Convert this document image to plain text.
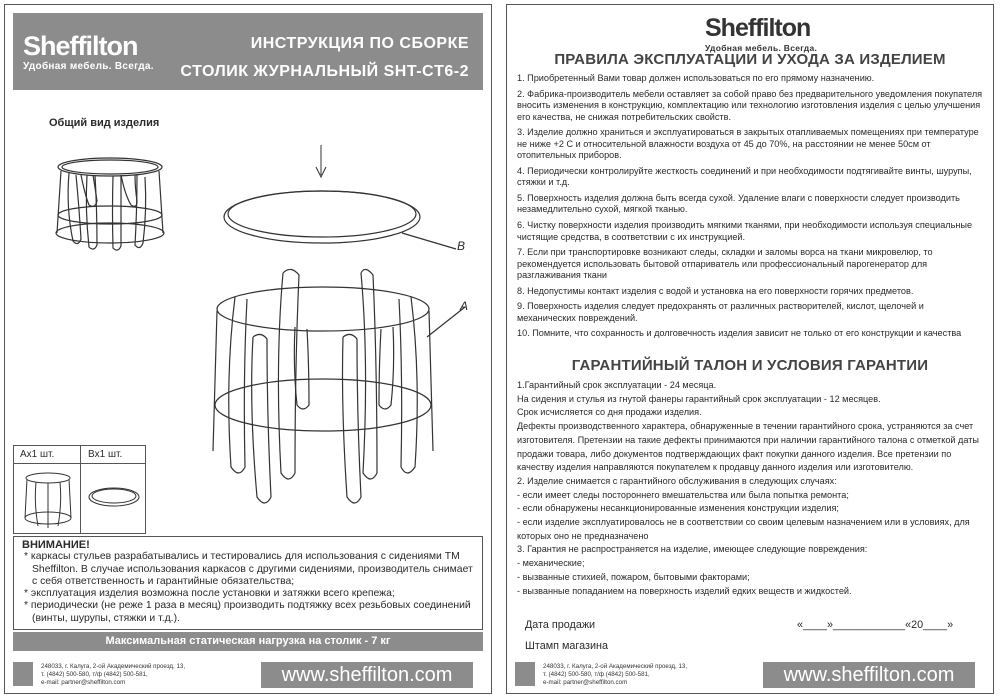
Sheffilton
Удобная мебель. Всегда.
ИНСТРУКЦИЯ ПО СБОРКЕ
СТОЛИК ЖУРНАЛЬНЫЙ SHT-CT6-2
Общий вид изделия
B
A
Ax1 шт.	Bx1 шт.
ВНИМАНИЕ!
* каркасы стульев разрабатывались и тестировались для использования с сидениями ТМ Sheffilton. В случае использования каркасов с другими сидениями, производитель снимает с себя ответственность и гарантийные обязательства;
* эксплуатация изделия возможна после установки и затяжки всего крепежа;
* периодически (не реже 1 раза в месяц) производить подтяжку всех резьбовых соединений (винты, шурупы, стяжки и т.д.).
Максимальная статическая нагрузка на столик - 7 кг
248033, г. Калуга, 2-ой Академический проезд, 13,
т. (4842) 500-580, т/ф (4842) 500-581,
e-mail: partner@sheffilton.com	www.sheffilton.com
Sheffilton
Удобная мебель. Всегда.
ПРАВИЛА ЭКСПЛУАТАЦИИ И УХОДА ЗА ИЗДЕЛИЕМ
1. Приобретенный Вами товар должен использоваться по его прямому назначению.
2. Фабрика-производитель мебели оставляет за собой право без предварительного уведомления покупателя вносить изменения в конструкцию, комплектацию или технологию изготовления изделия с целью улучшения его качества, не снижая потребительских свойств.
3. Изделие должно храниться и эксплуатироваться в закрытых отапливаемых помещениях при температуре не ниже +2 С и относительной влажности воздуха от 45 до 70%, на расстоянии не менее 50см от отопительных приборов.
4. Периодически контролируйте жесткость соединений и при необходимости подтягивайте винты, шурупы, стяжки и т.д.
5. Поверхность изделия должна быть всегда сухой. Удаление влаги с поверхности следует производить незамедлительно сухой, мягкой тканью.
6. Чистку поверхности изделия производить мягкими тканями, при необходимости используя специальные чистящие средства, в соответствии с их инструкцией.
7. Если при транспортировке возникают следы, складки и заломы ворса на ткани микровелюр, то рекомендуется использовать бытовой отпариватель или профессиональный парогенератор для разглаживания ткани
8. Недопустимы контакт изделия с водой и установка на его поверхности горячих предметов.
9. Поверхность изделия следует предохранять от различных растворителей, кислот, щелочей и механических повреждений.
10. Помните, что сохранность и долговечность изделия зависит не только от его конструкции и качества
ГАРАНТИЙНЫЙ ТАЛОН И УСЛОВИЯ ГАРАНТИИ
1.Гарантийный срок эксплуатации - 24 месяца.
На сидения и стулья из гнутой фанеры гарантийный срок эксплуатации - 12 месяцев.
Срок исчисляется со дня продажи изделия.
Дефекты производственного характера, обнаруженные в течении гарантийного срока, устраняются за счет изготовителя. Претензии на такие дефекты принимаются при наличии гарантийного талона с отметкой даты продажи товара, либо документов подтверждающих факт покупки данного изделия. Все претензии по качеству изделия направляются покупателем к продавцу данного изделия или изготовителю.
2. Изделие снимается с гарантийного обслуживания в следующих случаях:
- если имеет следы постороннего вмешательства или была попытка ремонта;
- если обнаружены несанкционированные изменения конструкции изделия;
- если изделие эксплуатировалось не в соответствии со своим целевым назначением или в условиях, для которых оно не предназначено
3. Гарантия не распространяется на изделие, имеющее следующие повреждения:
- механические;
- вызванные стихией, пожаром, бытовыми факторами;
- вызванные попаданием на поверхность изделий едких веществ и жидкостей.
Дата продажи	«____»____________«20____»
Штамп магазина
248033, г. Калуга, 2-ой Академический проезд, 13,
т. (4842) 500-580, т/ф (4842) 500-581,
e-mail: partner@sheffilton.com	www.sheffilton.com
